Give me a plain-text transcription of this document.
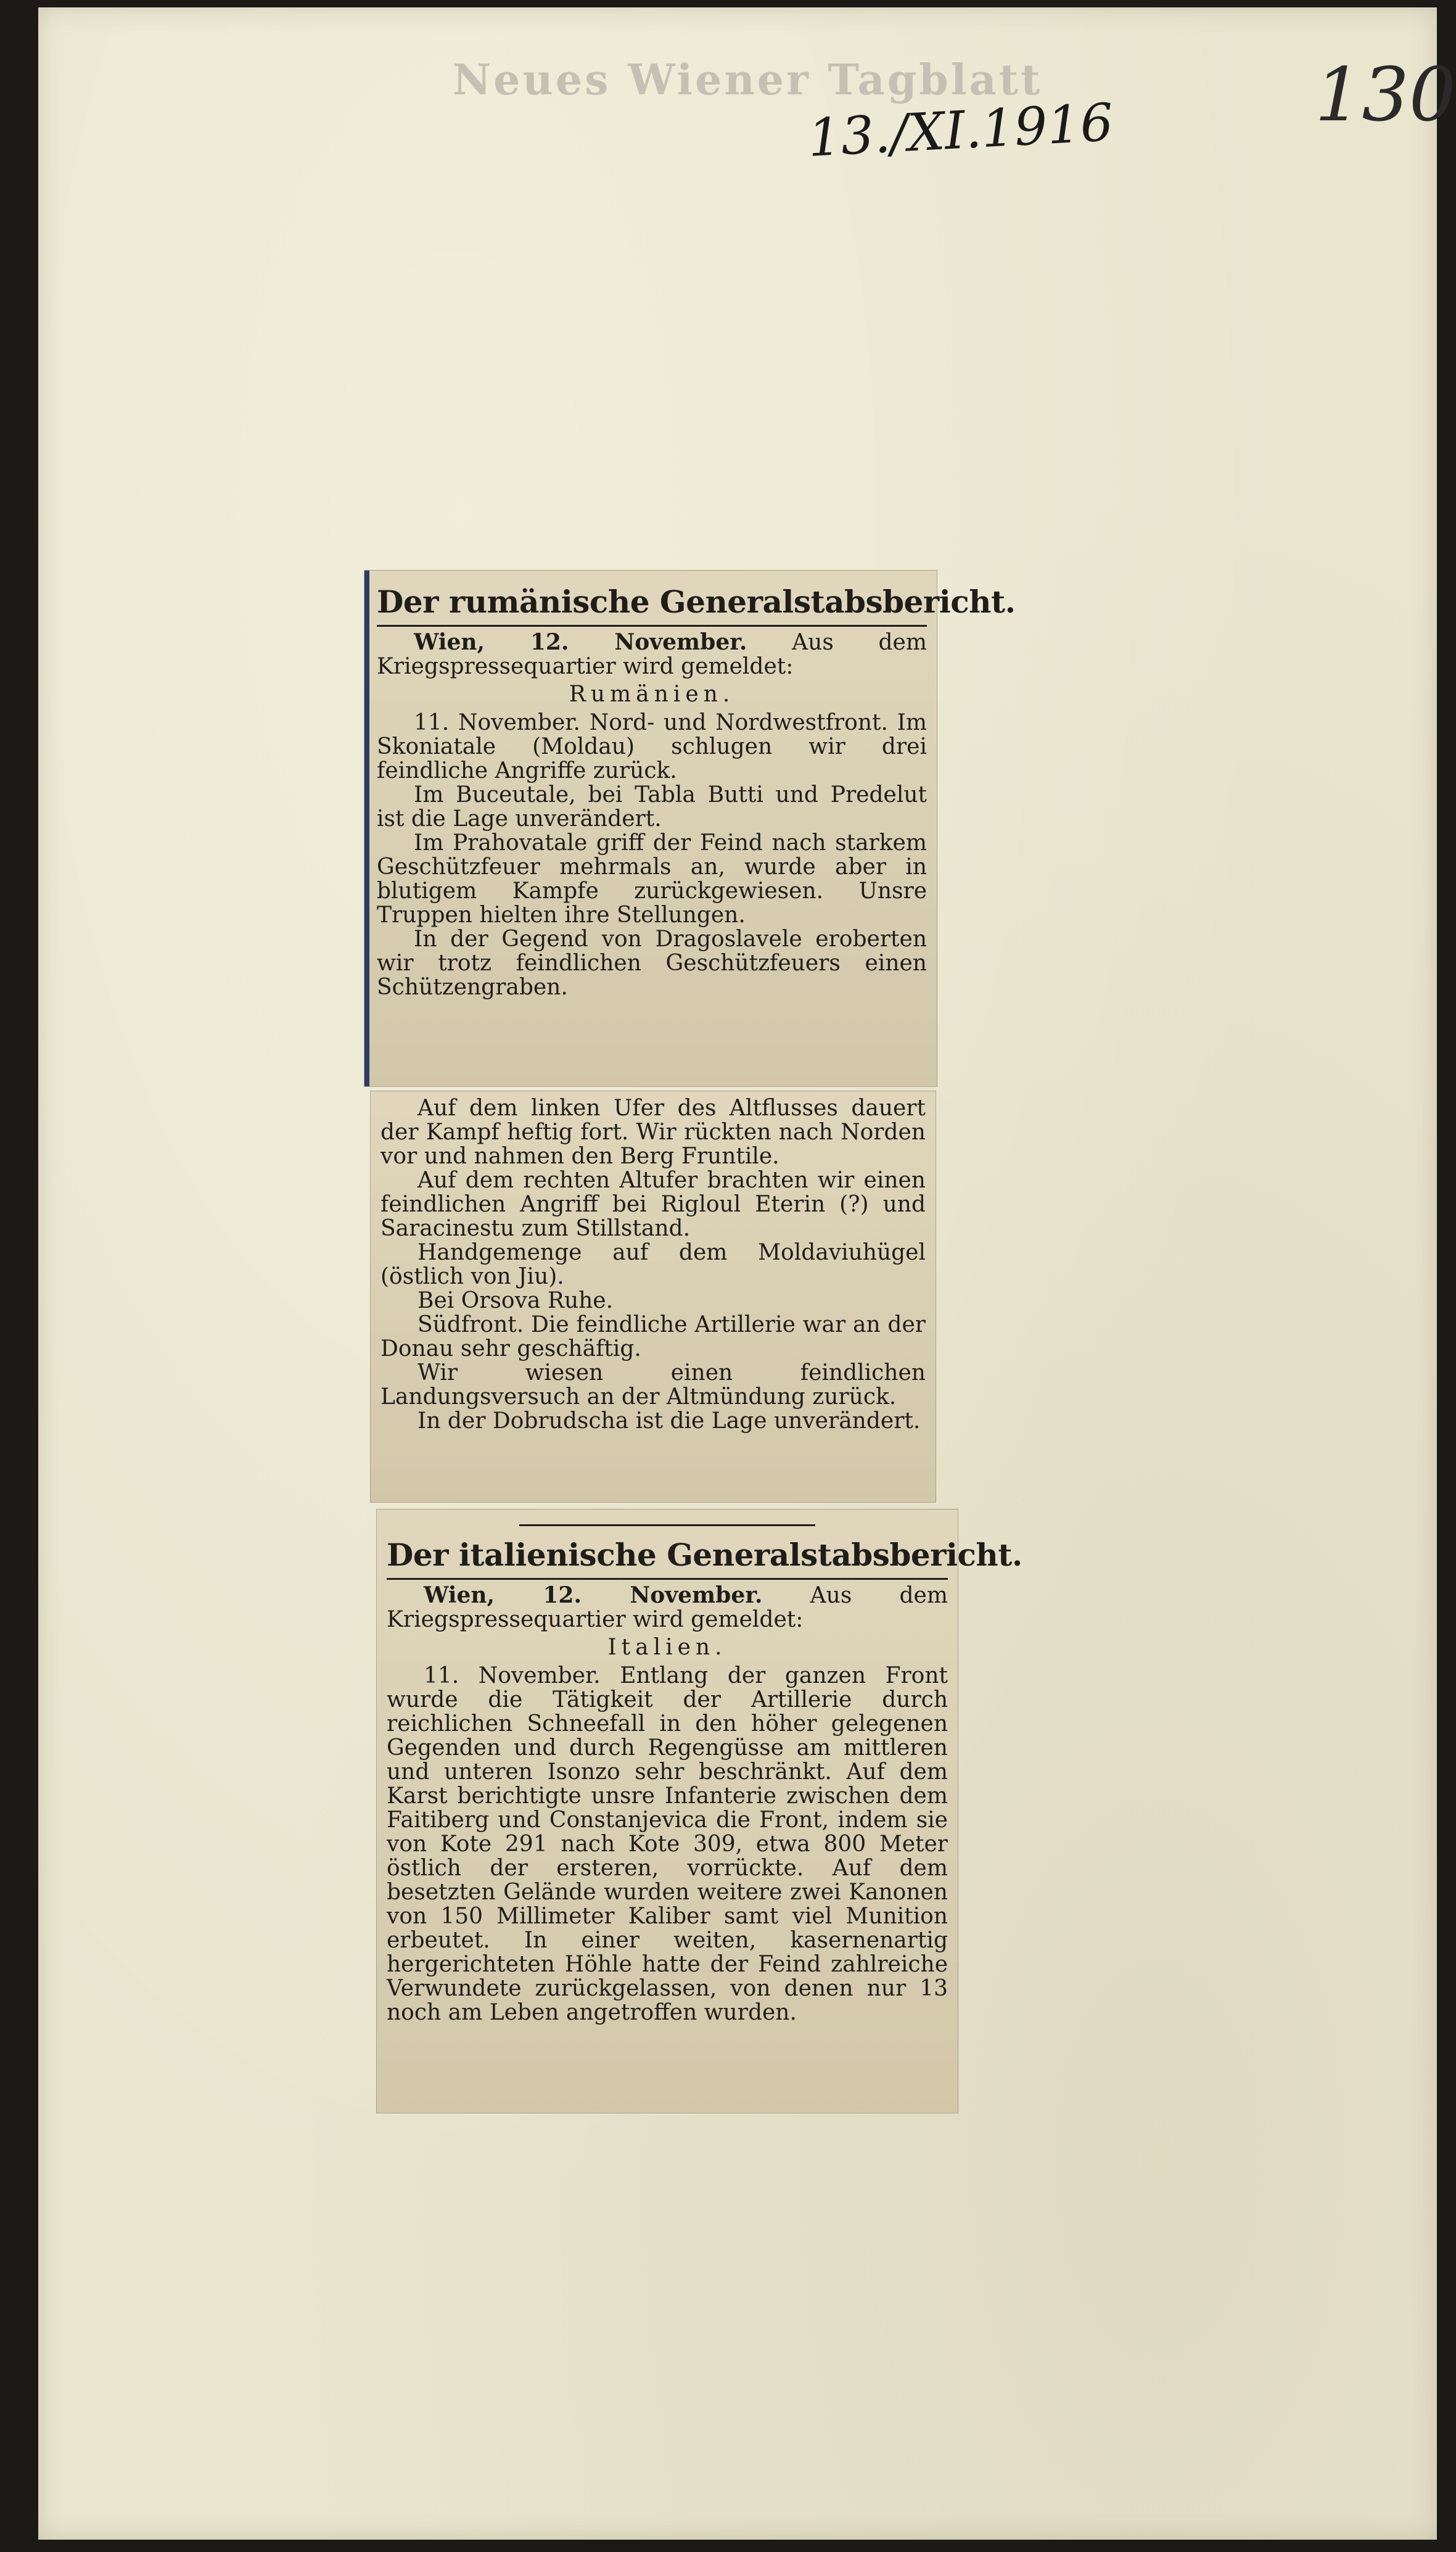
Neues Wiener Tagblatt
13./XI.1916	130
Der rumänische Generalstabsbericht.

Wien, 12. November. Aus dem Kriegspressequartier wird gemeldet:

Rumänien.

11. November. Nord- und Nordwestfront. Im Skoniatale (Moldau) schlugen wir drei feindliche Angriffe zurück.

Im Buceutale, bei Tabla Butti und Predelut ist die Lage unverändert.

Im Prahovatale griff der Feind nach starkem Geschützfeuer mehrmals an, wurde aber in blutigem Kampfe zurückgewiesen. Unsre Truppen hielten ihre Stellungen.

In der Gegend von Dragoslavele eroberten wir trotz feindlichen Geschützfeuers einen Schützengraben.

Auf dem linken Ufer des Altflusses dauert der Kampf heftig fort. Wir rückten nach Norden vor und nahmen den Berg Fruntile.

Auf dem rechten Altufer brachten wir einen feindlichen Angriff bei Rigloul Eterin (?) und Saracinestu zum Stillstand.

Handgemenge auf dem Moldaviuhügel (östlich von Jiu).

Bei Orsova Ruhe.

Südfront. Die feindliche Artillerie war an der Donau sehr geschäftig.

Wir wiesen einen feindlichen Landungsversuch an der Altmündung zurück.

In der Dobrudscha ist die Lage unverändert.

Der italienische Generalstabsbericht.

Wien, 12. November. Aus dem Kriegspressequartier wird gemeldet:

Italien.

11. November. Entlang der ganzen Front wurde die Tätigkeit der Artillerie durch reichlichen Schneefall in den höher gelegenen Gegenden und durch Regengüsse am mittleren und unteren Isonzo sehr beschränkt. Auf dem Karst berichtigte unsre Infanterie zwischen dem Faitiberg und Constanjevica die Front, indem sie von Kote 291 nach Kote 309, etwa 800 Meter östlich der ersteren, vorrückte. Auf dem besetzten Gelände wurden weitere zwei Kanonen von 150 Millimeter Kaliber samt viel Munition erbeutet. In einer weiten, kasernenartig hergerichteten Höhle hatte der Feind zahlreiche Verwundete zurückgelassen, von denen nur 13 noch am Leben angetroffen wurden.
